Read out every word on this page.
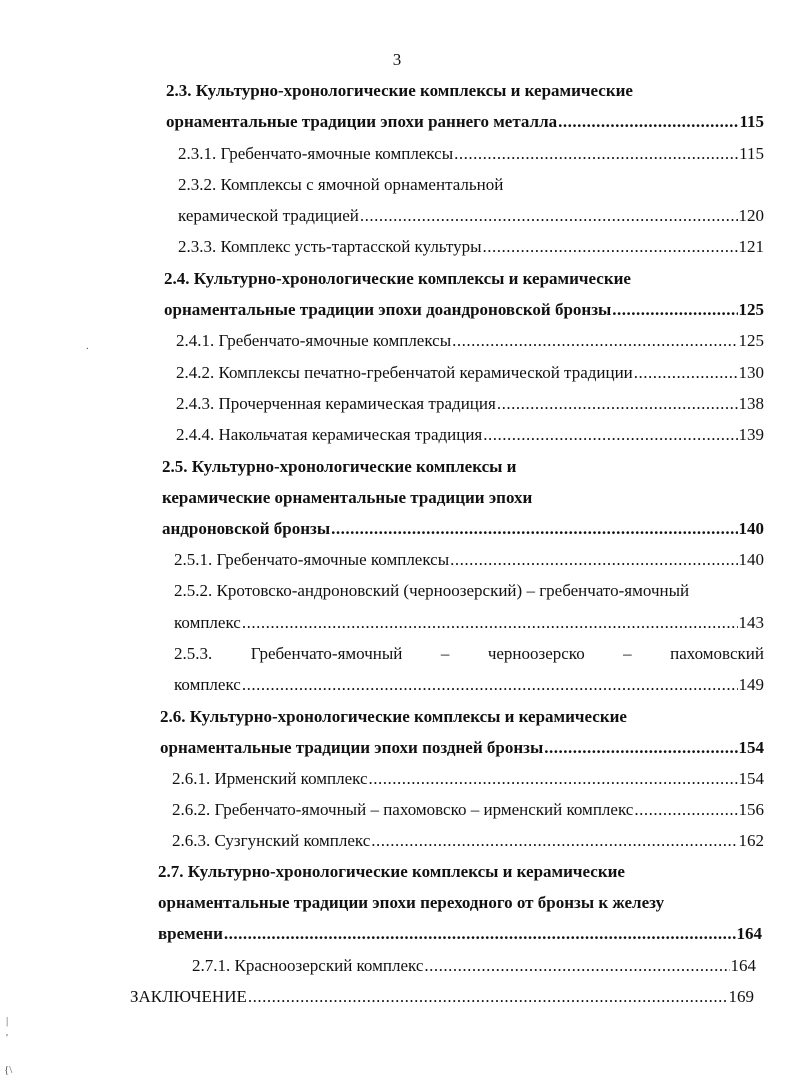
3
2.3. Культурно-хронологические комплексы и керамические
орнаментальные традиции эпохи раннего металла .....	115
2.3.1. Гребенчато-ямочные комплексы .....	115
2.3.2. Комплексы с ямочной орнаментальной
керамической традицией .....	120
2.3.3. Комплекс усть-тартасской культуры .....	121
2.4. Культурно-хронологические комплексы и керамические
орнаментальные традиции эпохи доандроновской бронзы .....	125
2.4.1. Гребенчато-ямочные комплексы .....	125
2.4.2. Комплексы печатно-гребенчатой керамической традиции .....	130
2.4.3. Прочерченная керамическая традиция .....	138
2.4.4. Накольчатая керамическая традиция .....	139
2.5. Культурно-хронологические комплексы и
керамические орнаментальные традиции эпохи
андроновской бронзы .....	140
2.5.1. Гребенчато-ямочные комплексы .....	140
2.5.2. Кротовско-андроновский (черноозерский) – гребенчато-ямочный
комплекс .....	143
2.5.3. Гребенчато-ямочный – черноозерско – пахомовский
комплекс .....	149
2.6. Культурно-хронологические комплексы и керамические
орнаментальные традиции эпохи поздней бронзы .....	154
2.6.1. Ирменский комплекс .....	154
2.6.2. Гребенчато-ямочный – пахомовско – ирменский комплекс .....	156
2.6.3. Сузгунский комплекс .....	162
2.7. Культурно-хронологические комплексы и керамические
орнаментальные традиции эпохи переходного от бронзы к железу
времени .....	164
2.7.1. Красноозерский комплекс .....	164
ЗАКЛЮЧЕНИЕ .....	169
.
|
'
{\
